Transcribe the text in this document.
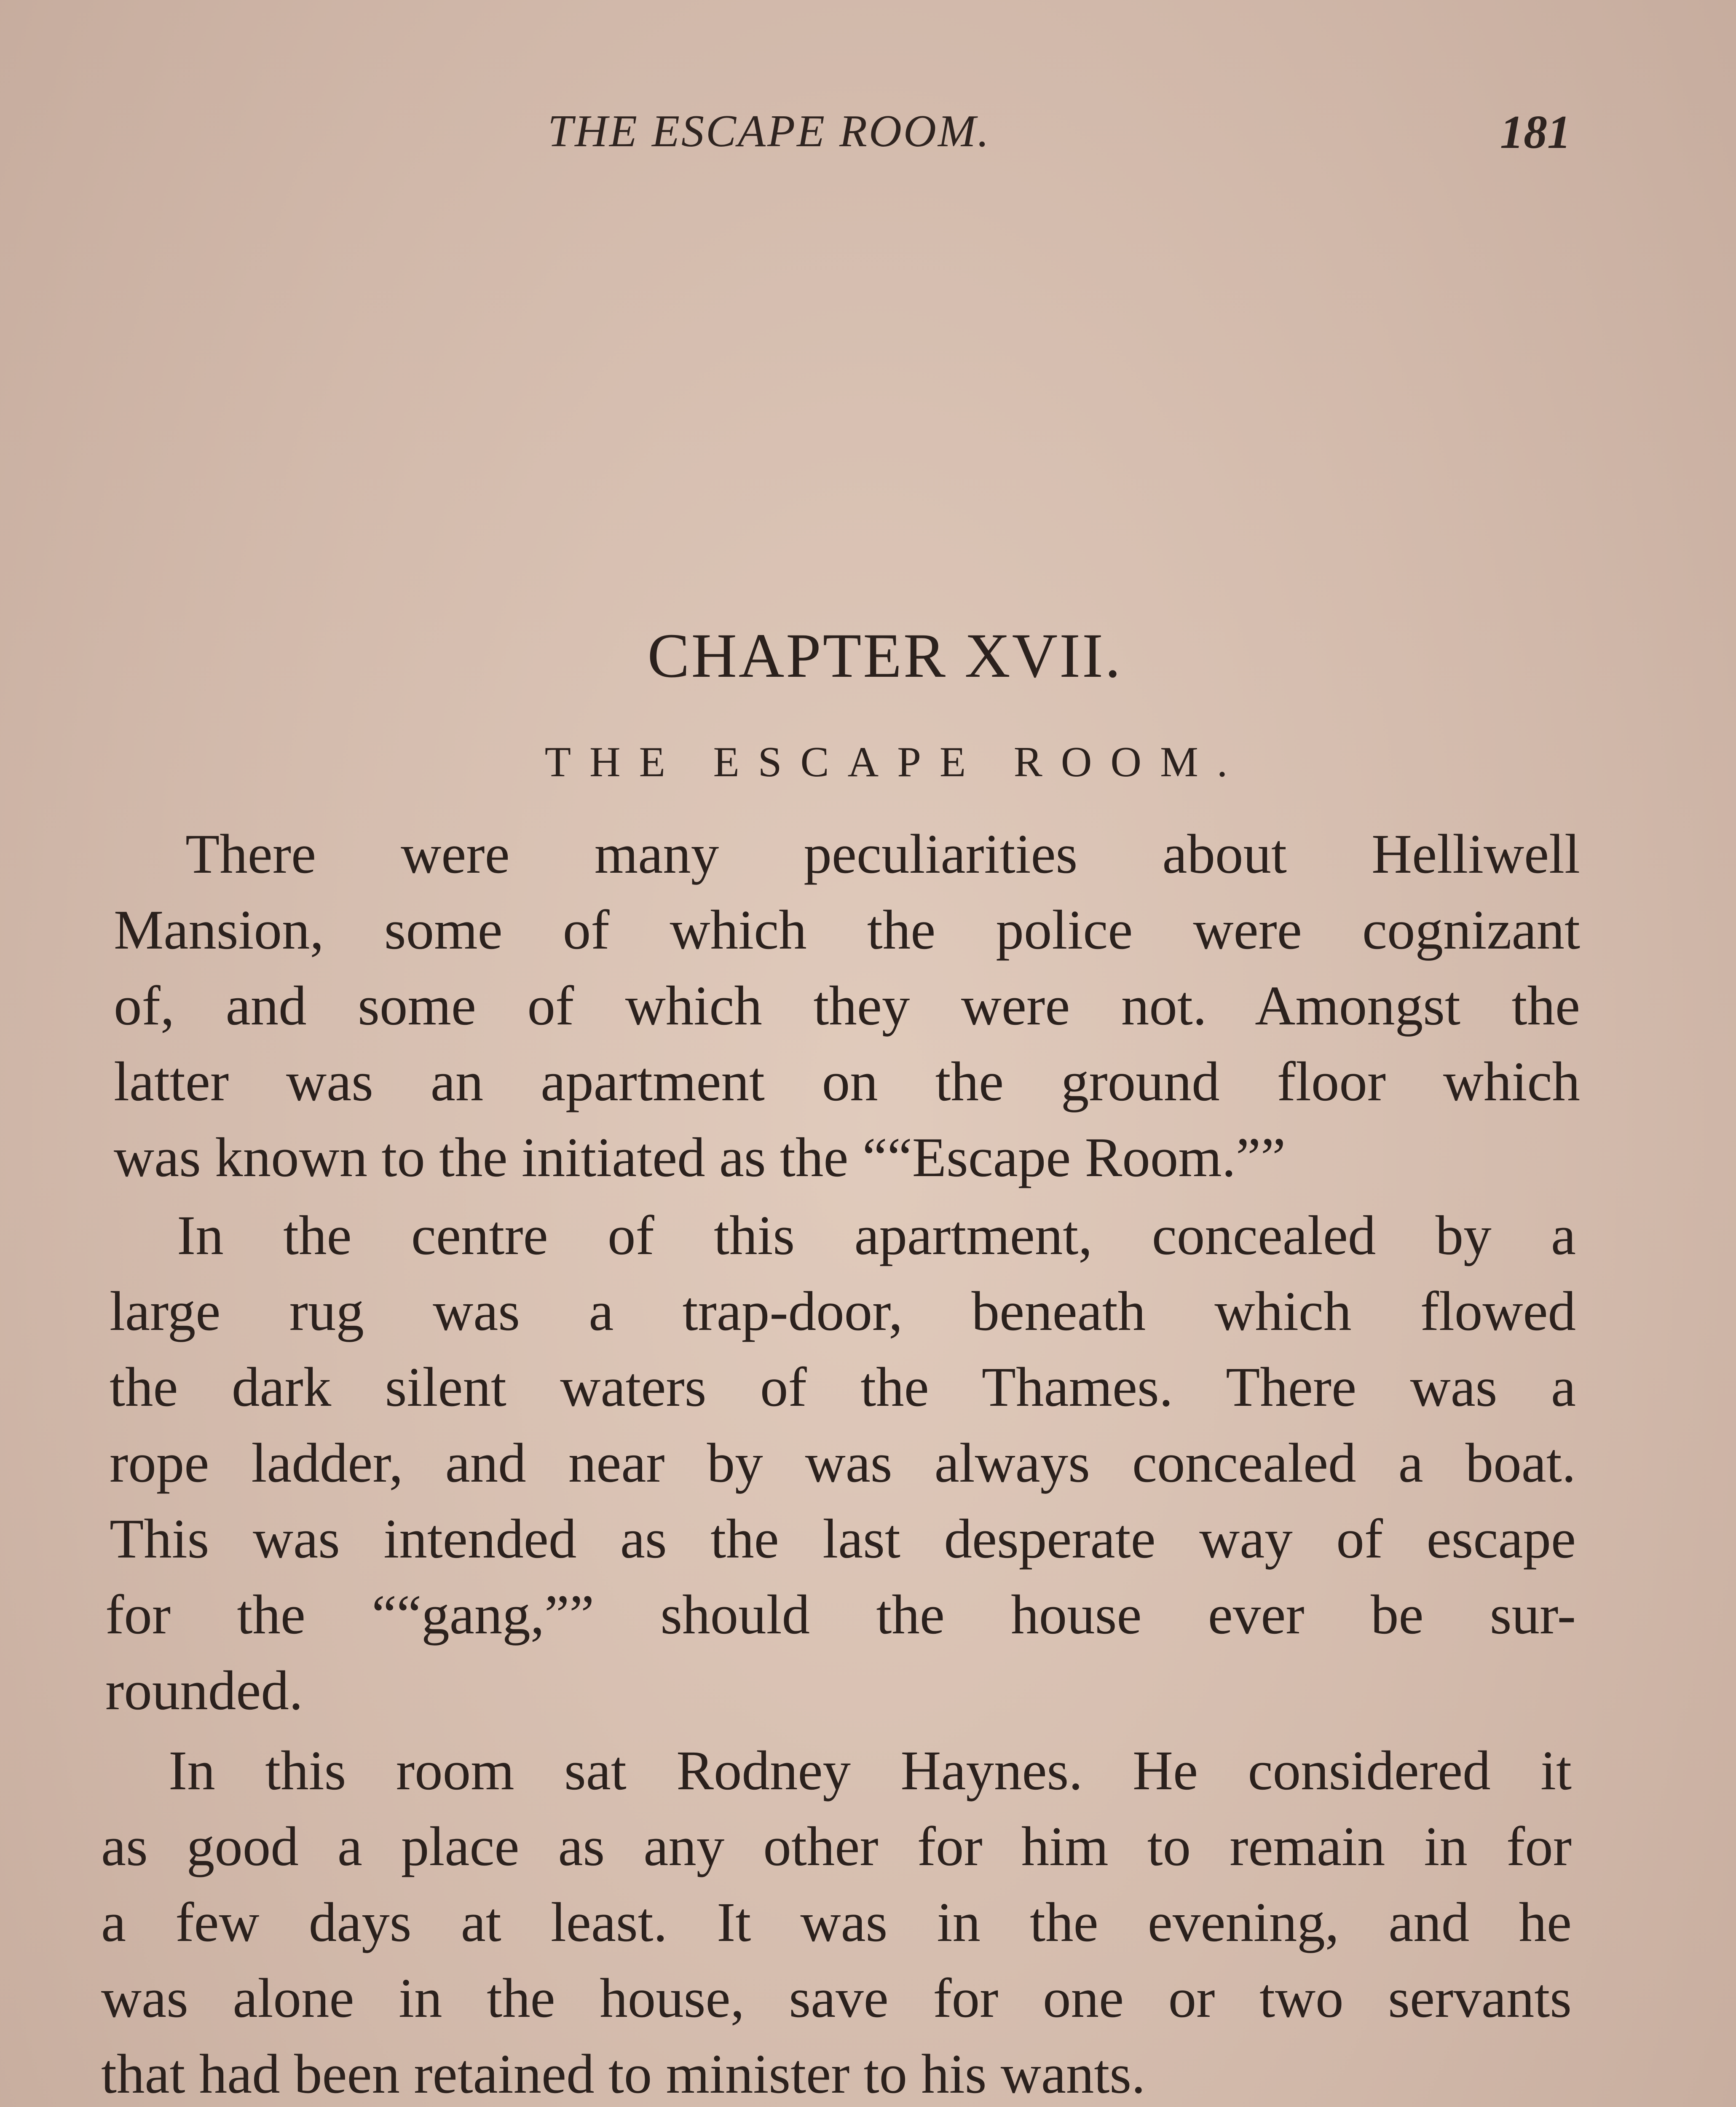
THE ESCAPE ROOM.	181
CHAPTER XVII.
THE ESCAPE ROOM.
There were many peculiarities about Helliwell
Mansion, some of which the police were cognizant
of, and some of which they were not. Amongst the
latter was an apartment on the ground floor which
was known to the initiated as the ““Escape Room.””
In the centre of this apartment, concealed by a
large rug was a trap-door, beneath which flowed
the dark silent waters of the Thames. There was a
rope ladder, and near by was always concealed a boat.
This was intended as the last desperate way of escape
for the ““gang,”” should the house ever be sur-
rounded.
In this room sat Rodney Haynes. He considered it
as good a place as any other for him to remain in for
a few days at least. It was in the evening, and he
was alone in the house, save for one or two servants
that had been retained to minister to his wants.
